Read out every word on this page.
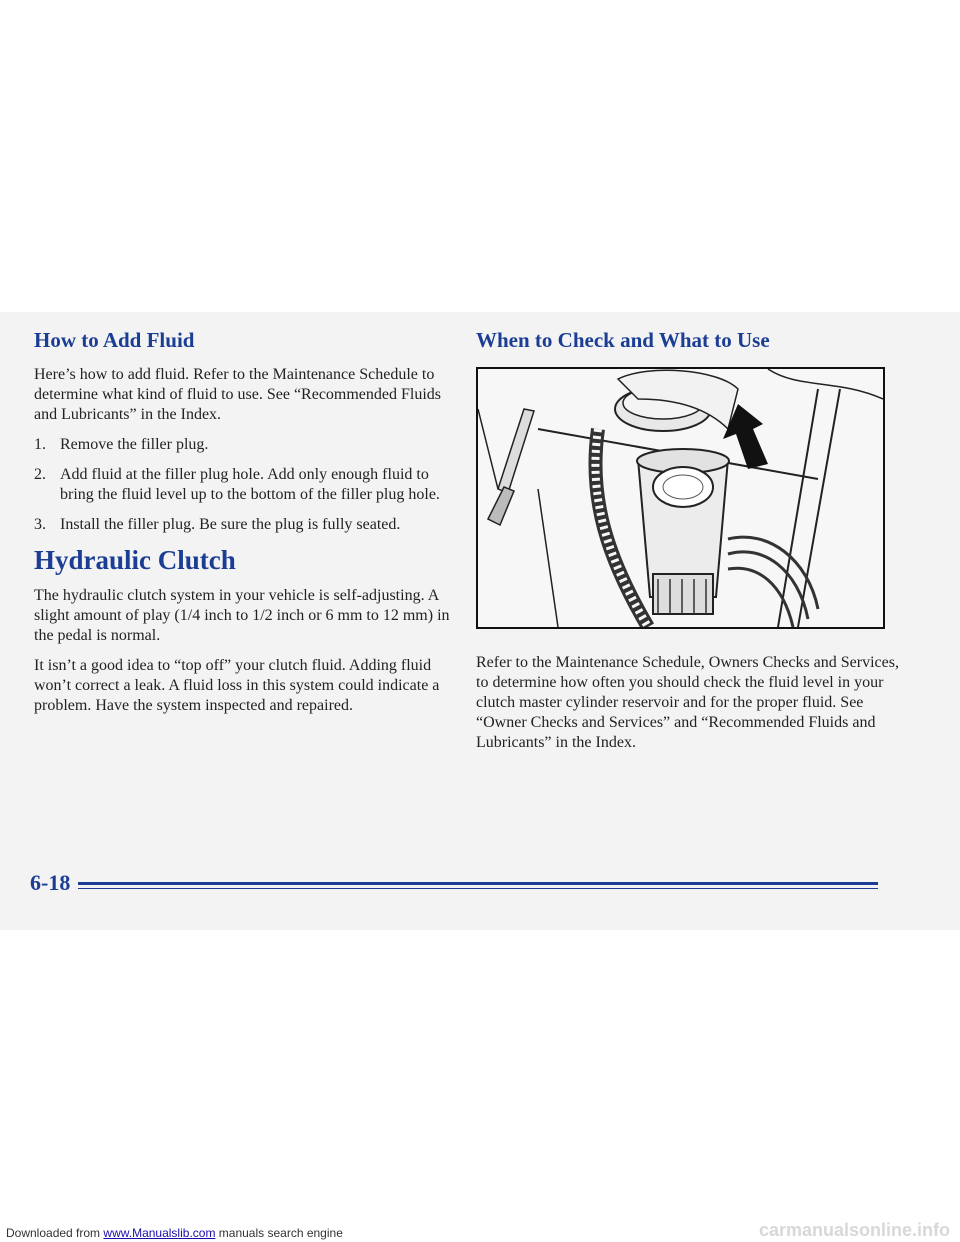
How to Add Fluid

Here’s how to add fluid. Refer to the Maintenance Schedule to determine what kind of fluid to use. See “Recommended Fluids and Lubricants” in the Index.

1. Remove the filler plug.
2. Add fluid at the filler plug hole. Add only enough fluid to bring the fluid level up to the bottom of the filler plug hole.
3. Install the filler plug. Be sure the plug is fully seated.
Hydraulic Clutch

The hydraulic clutch system in your vehicle is self-adjusting. A slight amount of play (1/4 inch to 1/2 inch or 6 mm to 12 mm) in the pedal is normal.

It isn’t a good idea to “top off” your clutch fluid. Adding fluid won’t correct a leak. A fluid loss in this system could indicate a problem. Have the system inspected and repaired.

When to Check and What to Use

Refer to the Maintenance Schedule, Owners Checks and Services, to determine how often you should check the fluid level in your clutch master cylinder reservoir and for the proper fluid. See “Owner Checks and Services” and “Recommended Fluids and Lubricants” in the Index.

6-18
Downloaded from www.Manualslib.com manuals search engine	carmanualsonline.info
